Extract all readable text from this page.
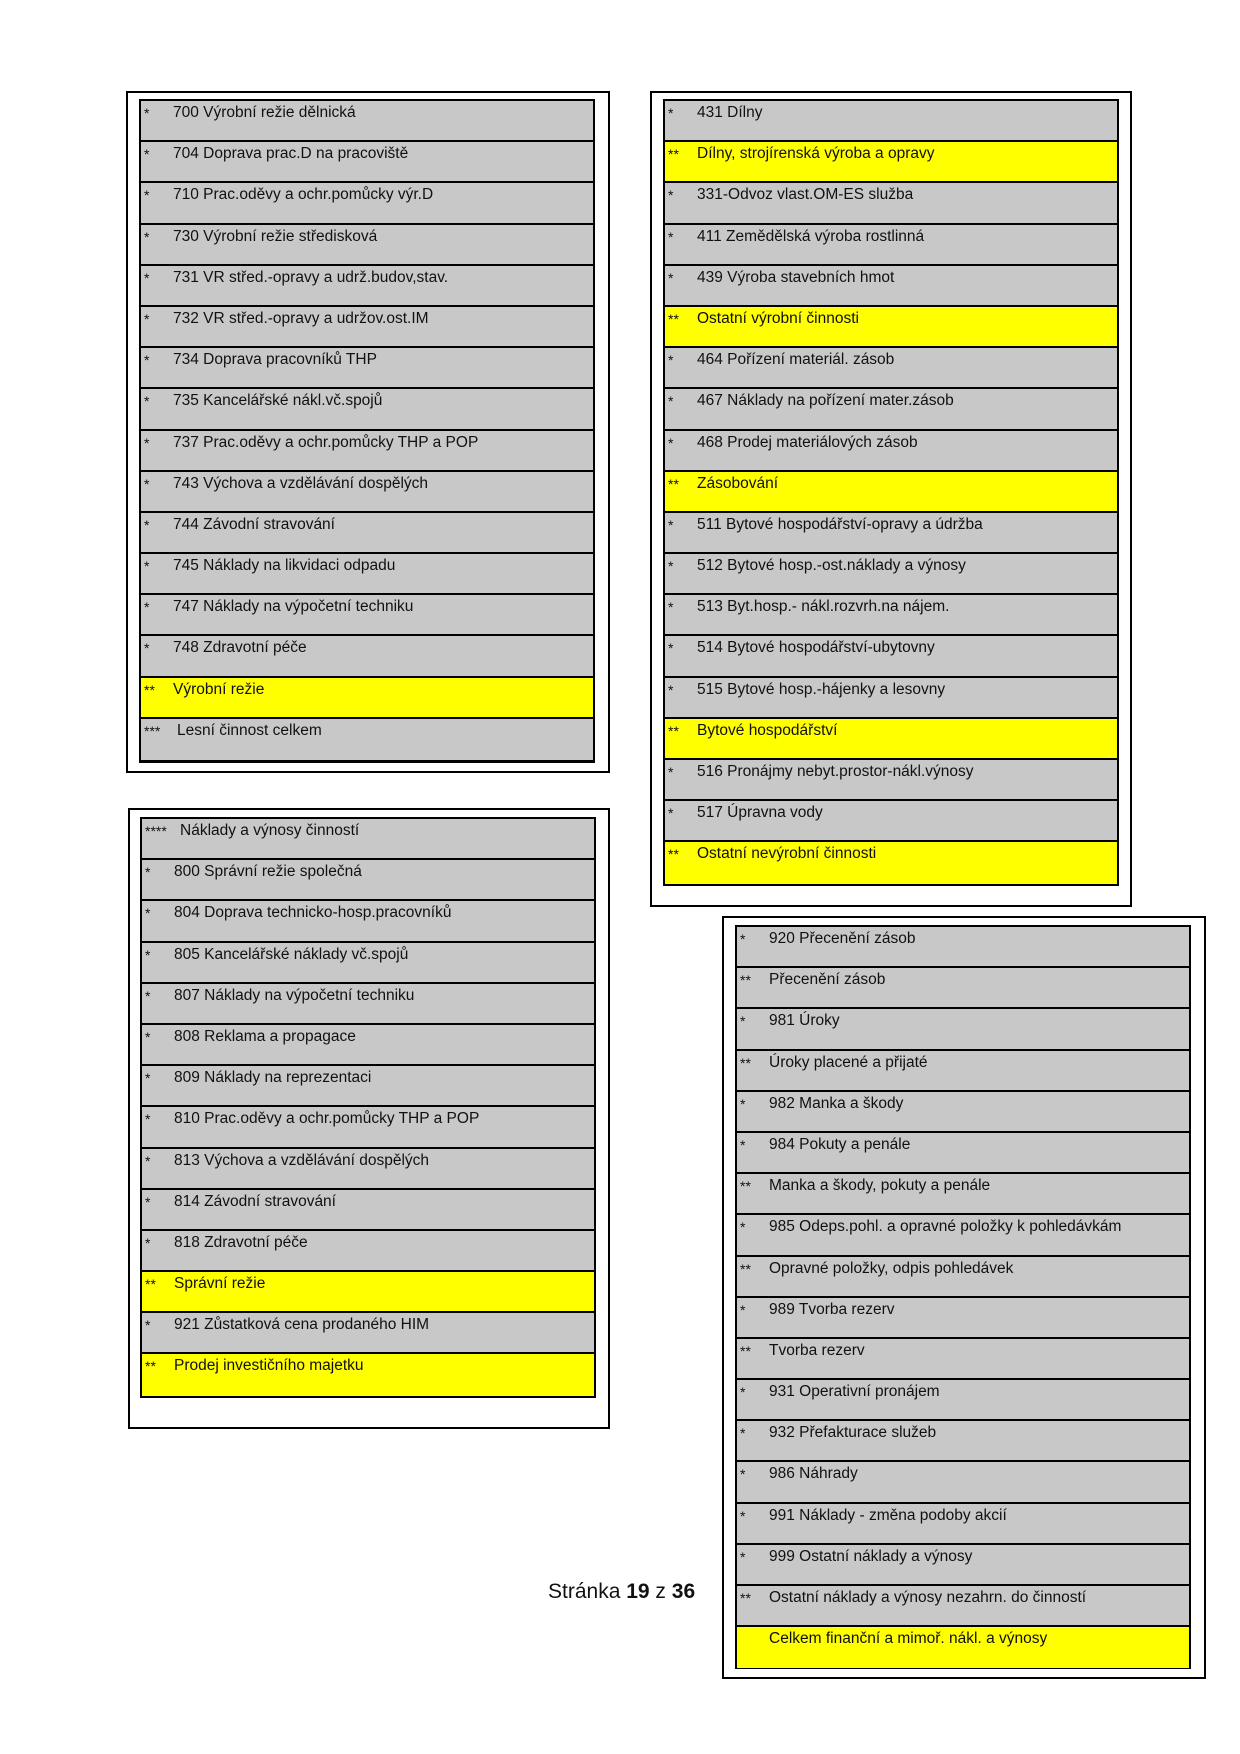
* 700 Výrobní režie dělnická
* 704 Doprava prac.D na pracoviště
* 710 Prac.oděvy a ochr.pomůcky výr.D
* 730 Výrobní režie středisková
* 731 VR střed.-opravy a udrž.budov,stav.
* 732 VR střed.-opravy a udržov.ost.IM
* 734 Doprava pracovníků THP
* 735 Kancelářské nákl.vč.spojů
* 737 Prac.oděvy a ochr.pomůcky THP a POP
* 743 Výchova a vzdělávání dospělých
* 744 Závodní stravování
* 745 Náklady na likvidaci odpadu
* 747 Náklady na výpočetní techniku
* 748 Zdravotní péče
** Výrobní režie
*** Lesní činnost celkem
**** Náklady a výnosy činností
* 800 Správní režie společná
* 804 Doprava technicko-hosp.pracovníků
* 805 Kancelářské náklady vč.spojů
* 807 Náklady na výpočetní techniku
* 808 Reklama a propagace
* 809 Náklady na reprezentaci
* 810 Prac.oděvy a ochr.pomůcky THP a POP
* 813 Výchova a vzdělávání dospělých
* 814 Závodní stravování
* 818 Zdravotní péče
** Správní režie
* 921 Zůstatková cena prodaného HIM
** Prodej investičního majetku
* 431 Dílny
** Dílny, strojírenská výroba a opravy
* 331-Odvoz vlast.OM-ES služba
* 411 Zemědělská výroba rostlinná
* 439 Výroba stavebních hmot
** Ostatní výrobní činnosti
* 464 Pořízení materiál. zásob
* 467 Náklady na pořízení mater.zásob
* 468 Prodej materiálových zásob
** Zásobování
* 511 Bytové hospodářství-opravy a údržba
* 512 Bytové hosp.-ost.náklady a výnosy
* 513 Byt.hosp.- nákl.rozvrh.na nájem.
* 514 Bytové hospodářství-ubytovny
* 515 Bytové hosp.-hájenky a lesovny
** Bytové hospodářství
* 516 Pronájmy nebyt.prostor-nákl.výnosy
* 517 Úpravna vody
** Ostatní nevýrobní činnosti
* 920 Přecenění zásob
** Přecenění zásob
* 981 Úroky
** Úroky placené a přijaté
* 982 Manka a škody
* 984 Pokuty a penále
** Manka a škody, pokuty a penále
* 985 Odeps.pohl. a opravné položky k pohledávkám
** Opravné položky, odpis pohledávek
* 989 Tvorba rezerv
** Tvorba rezerv
* 931 Operativní pronájem
* 932 Přefakturace služeb
* 986 Náhrady
* 991 Náklady - změna podoby akcií
* 999 Ostatní náklady a výnosy
** Ostatní náklady a výnosy nezahrn. do činností
Celkem finanční a mimoř. nákl. a výnosy
Stránka 19 z 36
